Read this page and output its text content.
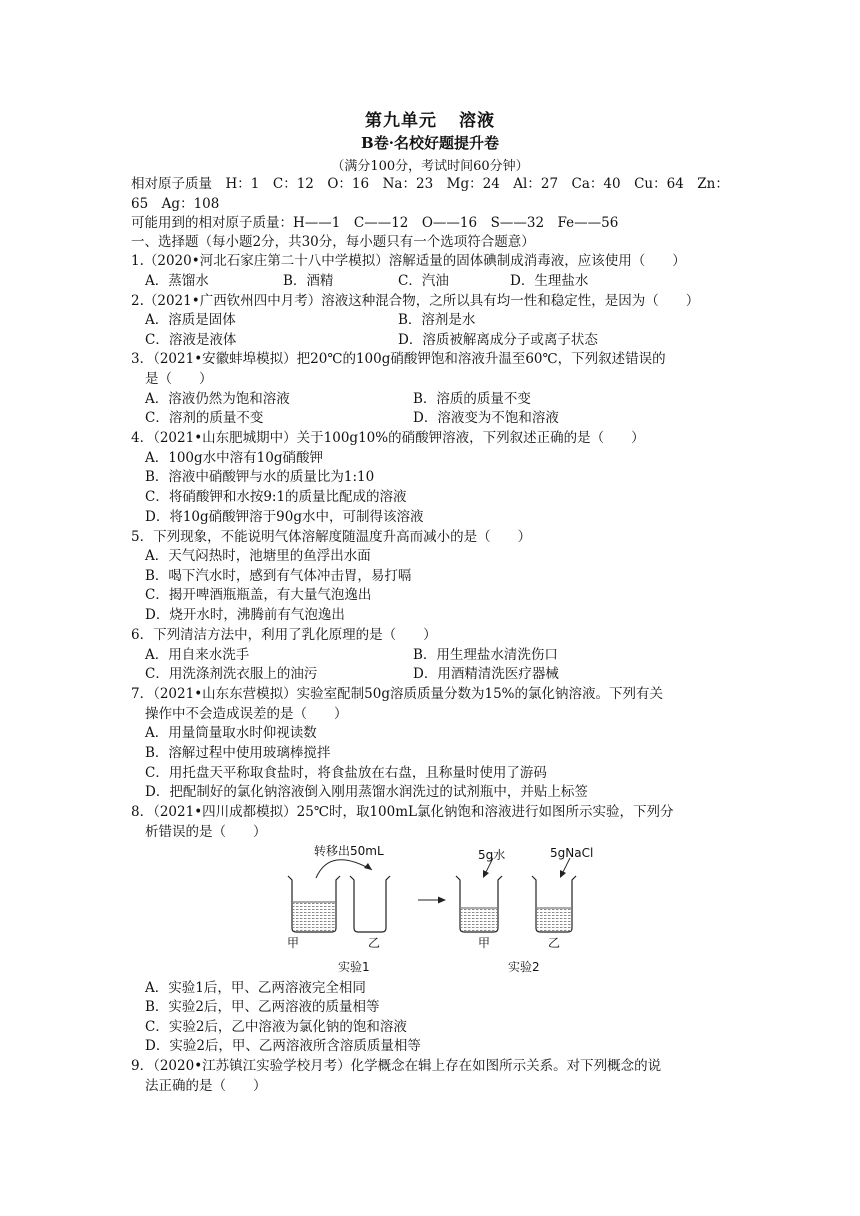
第九单元 溶液
B卷·名校好题提升卷
（满分100分，考试时间60分钟）
相对原子质量　H：1　C：12　O：16　Na：23　Mg：24　Al：27　Ca：40　Cu：64　Zn：
65　Ag：108
可能用到的相对原子质量：H——1　C——12　O——16　S——32　Fe——56
一、选择题（每小题2分，共30分，每小题只有一个选项符合题意）
1.（2020•河北石家庄第二十八中学模拟）溶解适量的固体碘制成消毒液，应该使用（　　）
A．蒸馏水	B．酒精	C．汽油	D．生理盐水
2.（2021•广西钦州四中月考）溶液这种混合物，之所以具有均一性和稳定性，是因为（　　）
A．溶质是固体	B．溶剂是水
C．溶液是液体	D．溶质被解离成分子或离子状态
3．（2021•安徽蚌埠模拟）把20℃的100g硝酸钾饱和溶液升温至60℃，下列叙述错误的
是（　　）
A．溶液仍然为饱和溶液	B．溶质的质量不变
C．溶剂的质量不变	D．溶液变为不饱和溶液
4．（2021•山东肥城期中）关于100g10%的硝酸钾溶液，下列叙述正确的是（　　）
A．100g水中溶有10g硝酸钾
B．溶液中硝酸钾与水的质量比为1:10
C．将硝酸钾和水按9:1的质量比配成的溶液
D．将10g硝酸钾溶于90g水中，可制得该溶液
5．下列现象，不能说明气体溶解度随温度升高而减小的是（　　）
A．天气闷热时，池塘里的鱼浮出水面
B．喝下汽水时，感到有气体冲击胃，易打嗝
C．揭开啤酒瓶瓶盖，有大量气泡逸出
D．烧开水时，沸腾前有气泡逸出
6．下列清洁方法中，利用了乳化原理的是（　　）
A．用自来水洗手	B．用生理盐水清洗伤口
C．用洗涤剂洗衣服上的油污	D．用酒精清洗医疗器械
7．（2021•山东东营模拟）实验室配制50g溶质质量分数为15%的氯化钠溶液。下列有关
操作中不会造成误差的是（　　）
A．用量筒量取水时仰视读数
B．溶解过程中使用玻璃棒搅拌
C．用托盘天平称取食盐时，将食盐放在右盘，且称量时使用了游码
D．把配制好的氯化钠溶液倒入刚用蒸馏水润洗过的试剂瓶中，并贴上标签
8．（2021•四川成都模拟）25℃时，取100mL氯化钠饱和溶液进行如图所示实验，下列分
析错误的是（　　）
转移出50mL	5g水	5gNaCl
甲	乙	甲	乙
实验1	实验2
A．实验1后，甲、乙两溶液完全相同
B．实验2后，甲、乙两溶液的质量相等
C．实验2后，乙中溶液为氯化钠的饱和溶液
D．实验2后，甲、乙两溶液所含溶质质量相等
9．（2020•江苏镇江实验学校月考）化学概念在辑上存在如图所示关系。对下列概念的说
法正确的是（　　）
